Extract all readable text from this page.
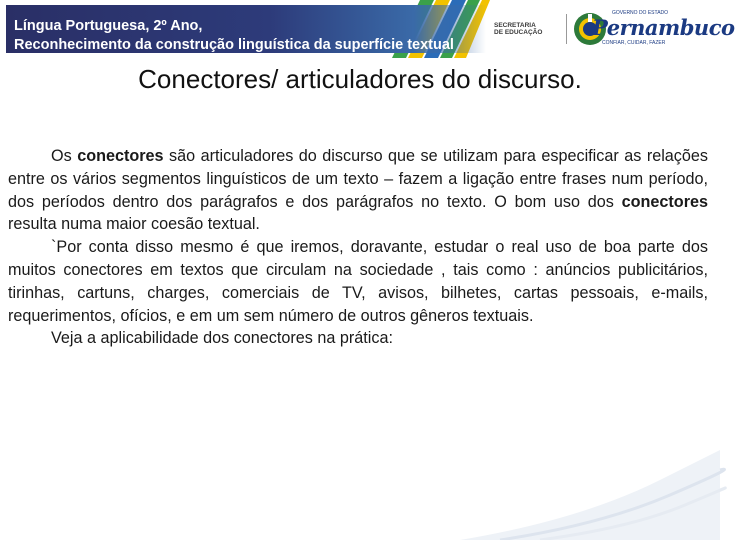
Língua Portuguesa, 2º Ano,
Reconhecimento da construção linguística da superfície textual
SECRETARIA
DE EDUCAÇÃO
GOVERNO DO ESTADO
Pernambuco
CONFIAR, CUIDAR, FAZER
Conectores/ articuladores do discurso.

Os conectores são articuladores do discurso que se utilizam para especificar as relações entre os vários segmentos linguísticos de um texto – fazem a ligação entre frases num período, dos períodos dentro dos parágrafos e dos parágrafos no texto. O bom uso dos conectores resulta numa maior coesão textual.

`Por conta disso mesmo é que iremos, doravante, estudar o real uso de boa parte dos muitos conectores em textos que circulam na sociedade , tais como : anúncios publicitários, tirinhas, cartuns, charges, comerciais de TV, avisos, bilhetes, cartas pessoais, e-mails, requerimentos, ofícios, e em um sem número de outros gêneros textuais.

Veja a aplicabilidade dos conectores na prática:
